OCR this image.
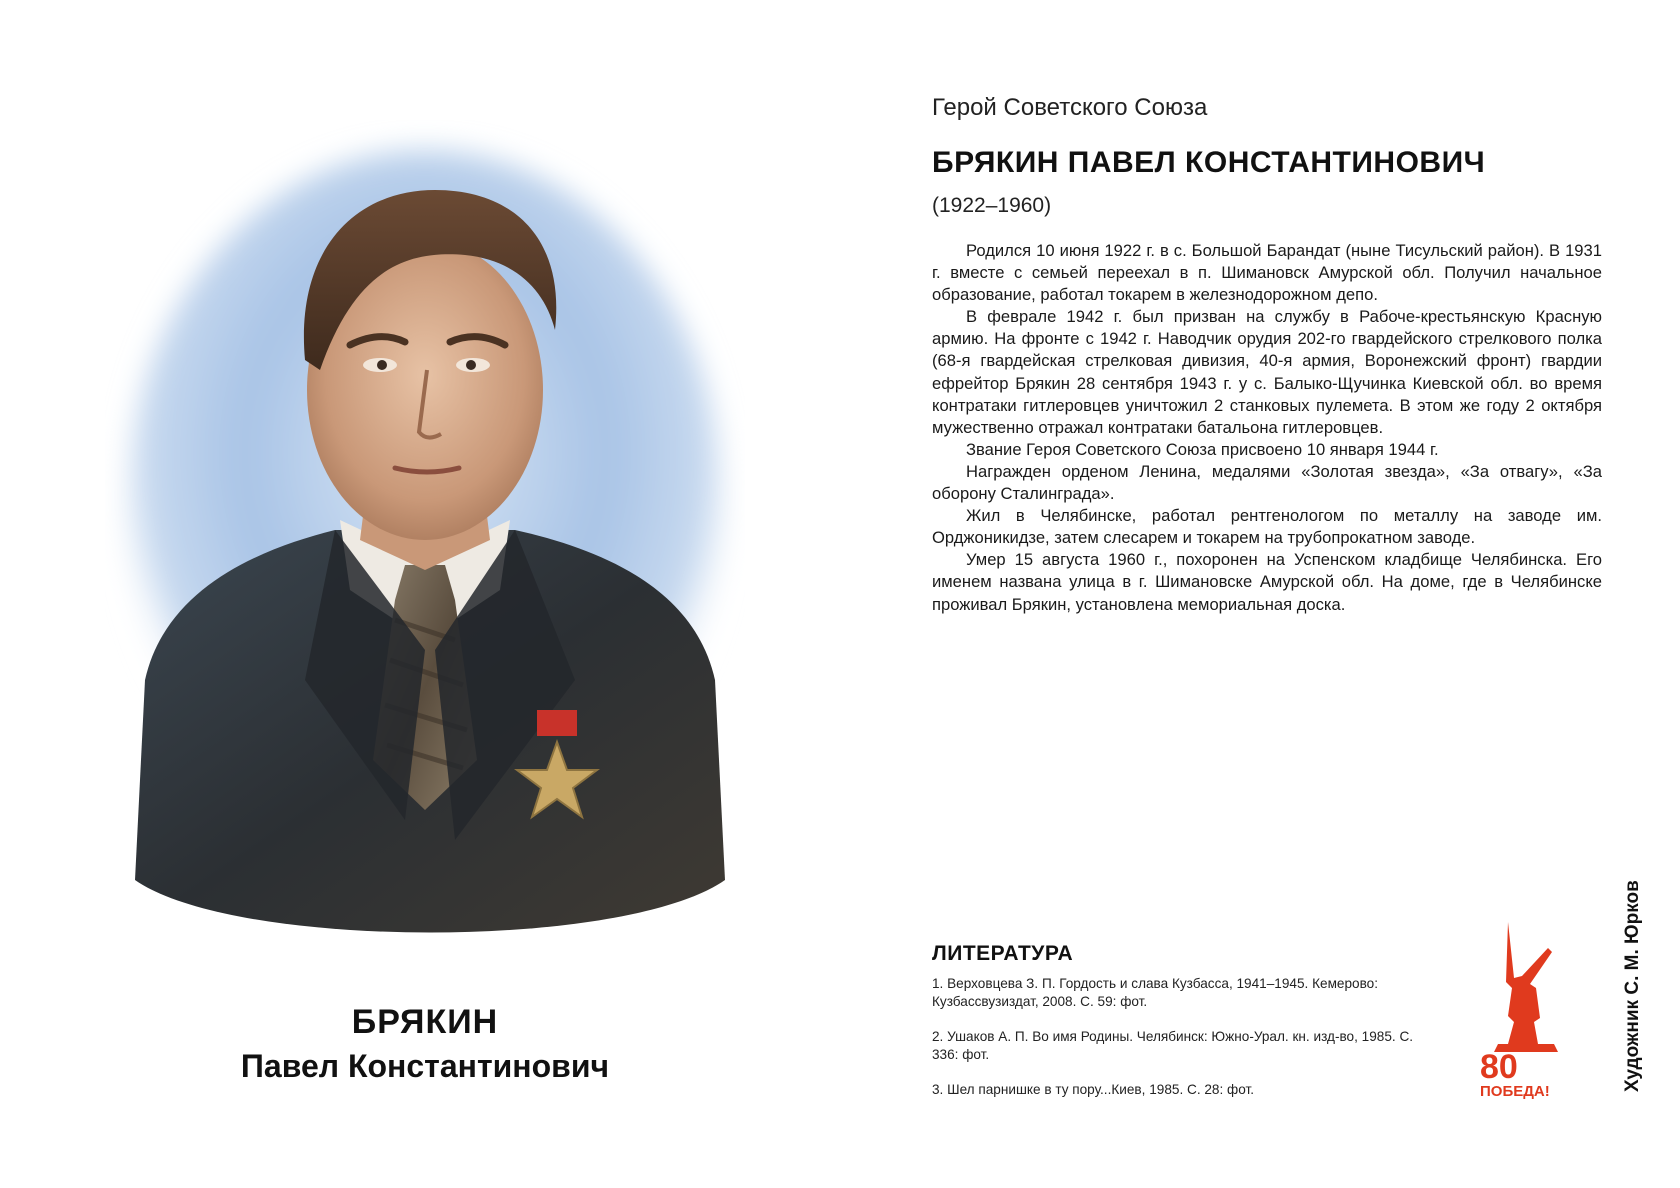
БРЯКИН
Павел Константинович
Герой Советского Союза
БРЯКИН ПАВЕЛ КОНСТАНТИНОВИЧ
(1922–1960)

Родился 10 июня 1922 г. в с. Большой Барандат (ныне Тисульский район). В 1931 г. вместе с семьей переехал в п. Шимановск Амурской обл. Получил начальное образование, работал токарем в железнодорожном депо.

В феврале 1942 г. был призван на службу в Рабоче-крестьянскую Красную армию. На фронте с 1942 г. Наводчик орудия 202-го гвардейского стрелкового полка (68-я гвардейская стрелковая дивизия, 40-я армия, Воронежский фронт) гвардии ефрейтор Брякин 28 сентября 1943 г. у с. Балыко-Щучинка Киевской обл. во время контратаки гитлеровцев уничтожил 2 станковых пулемета. В этом же году 2 октября мужественно отражал контратаки батальона гитлеровцев.

Звание Героя Советского Союза присвоено 10 января 1944 г.

Награжден орденом Ленина, медалями «Золотая звезда», «За отвагу», «За оборону Сталинграда».

Жил в Челябинске, работал рентгенологом по металлу на заводе им. Орджоникидзе, затем слесарем и токарем на трубопрокатном заводе.

Умер 15 августа 1960 г., похоронен на Успенском кладбище Челябинска. Его именем названа улица в г. Шимановске Амурской обл. На доме, где в Челябинске проживал Брякин, установлена мемориальная доска.

ЛИТЕРАТУРА
1. Верховцева З. П. Гордость и слава Кузбасса, 1941–1945. Кемерово: Кузбассвузиздат, 2008. С. 59: фот.
2. Ушаков А. П. Во имя Родины. Челябинск: Южно-Урал. кн. изд-во, 1985. С. 336: фот.
3. Шел парнишке в ту пору...Киев, 1985. С. 28: фот.
80
ПОБЕДА!	Художник С. М. Юрков
